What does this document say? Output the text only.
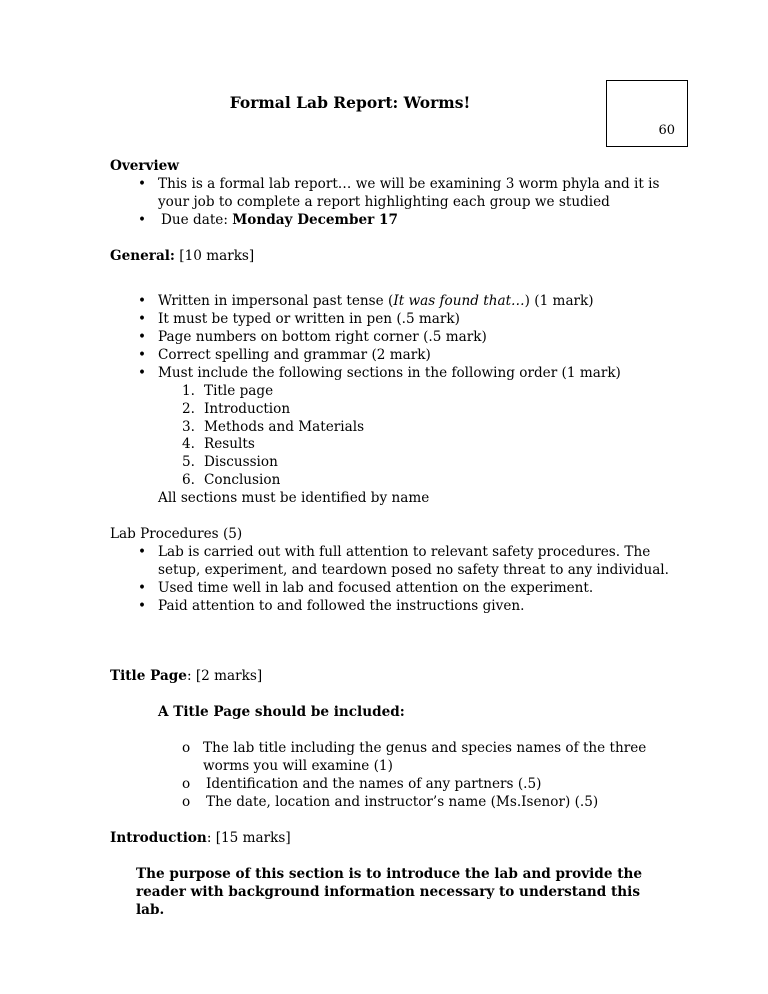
Formal Lab Report: Worms!
60
Overview
• This is a formal lab report… we will be examining 3 worm phyla and it is your job to complete a report highlighting each group we studied
•	Due date: Monday December 17
General: [10 marks]
• Written in impersonal past tense (It was found that…) (1 mark)
• It must be typed or written in pen (.5 mark)
• Page numbers on bottom right corner (.5 mark)
• Correct spelling and grammar (2 mark)
• Must include the following sections in the following order (1 mark)
1. Title page
2. Introduction
3. Methods and Materials
4. Results
5. Discussion
6. Conclusion
All sections must be identified by name
Lab Procedures (5)
• Lab is carried out with full attention to relevant safety procedures. The setup, experiment, and teardown posed no safety threat to any individual.
• Used time well in lab and focused attention on the experiment.
• Paid attention to and followed the instructions given.
Title Page: [2 marks]
A Title Page should be included:
o The lab title including the genus and species names of the three worms you will examine (1)
o	Identification and the names of any partners (.5)
o	The date, location and instructor’s name (Ms.Isenor) (.5)
Introduction: [15 marks]
The purpose of this section is to introduce the lab and provide the reader with background information necessary to understand this lab.
